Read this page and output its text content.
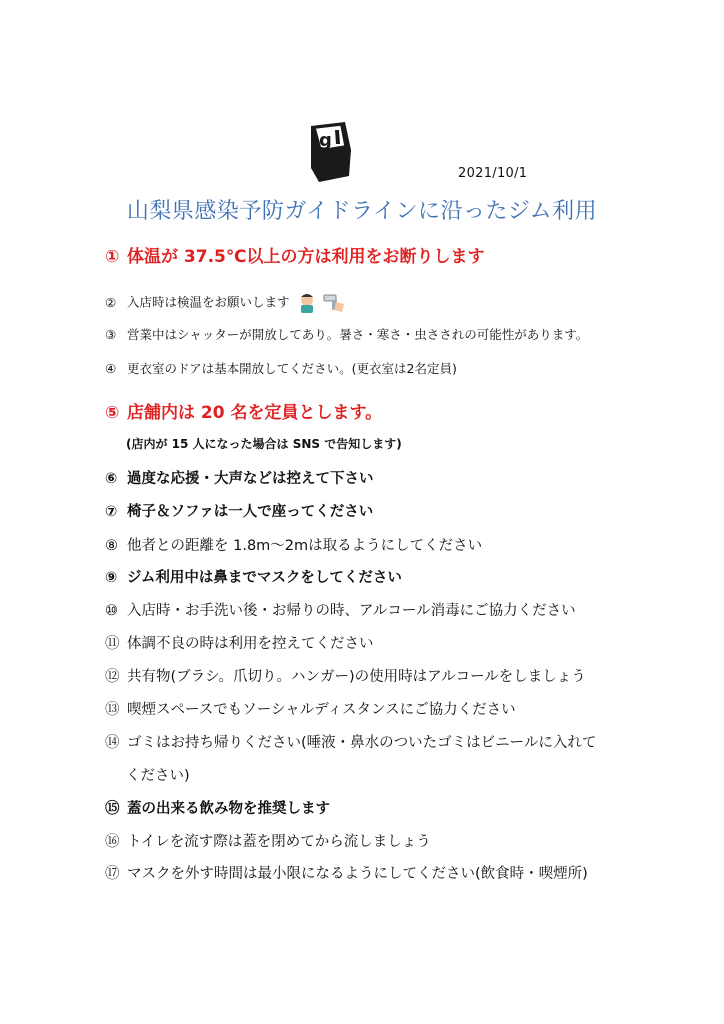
g
2021/10/1
山梨県感染予防ガイドラインに沿ったジム利用
① 体温が 37.5℃以上の方は利用をお断りします
② 入店時は検温をお願いします
③ 営業中はシャッターが開放してあり。暑さ・寒さ・虫さされの可能性があります。
④ 更衣室のドアは基本開放してください。(更衣室は2名定員)
⑤ 店舗内は 20 名を定員とします。
(店内が 15 人になった場合は SNS で告知します)
⑥ 過度な応援・大声などは控えて下さい
⑦ 椅子＆ソファは一人で座ってください
⑧ 他者との距離を 1.8m～2mは取るようにしてください
⑨ ジム利用中は鼻までマスクをしてください
⑩ 入店時・お手洗い後・お帰りの時、アルコール消毒にご協力ください
⑪ 体調不良の時は利用を控えてください
⑫ 共有物(ブラシ。爪切り。ハンガー)の使用時はアルコールをしましょう
⑬ 喫煙スペースでもソーシャルディスタンスにご協力ください
⑭ ゴミはお持ち帰りください(唾液・鼻水のついたゴミはビニールに入れて
ください)
⑮ 蓋の出来る飲み物を推奨します
⑯ トイレを流す際は蓋を閉めてから流しましょう
⑰ マスクを外す時間は最小限になるようにしてください(飲食時・喫煙所)
